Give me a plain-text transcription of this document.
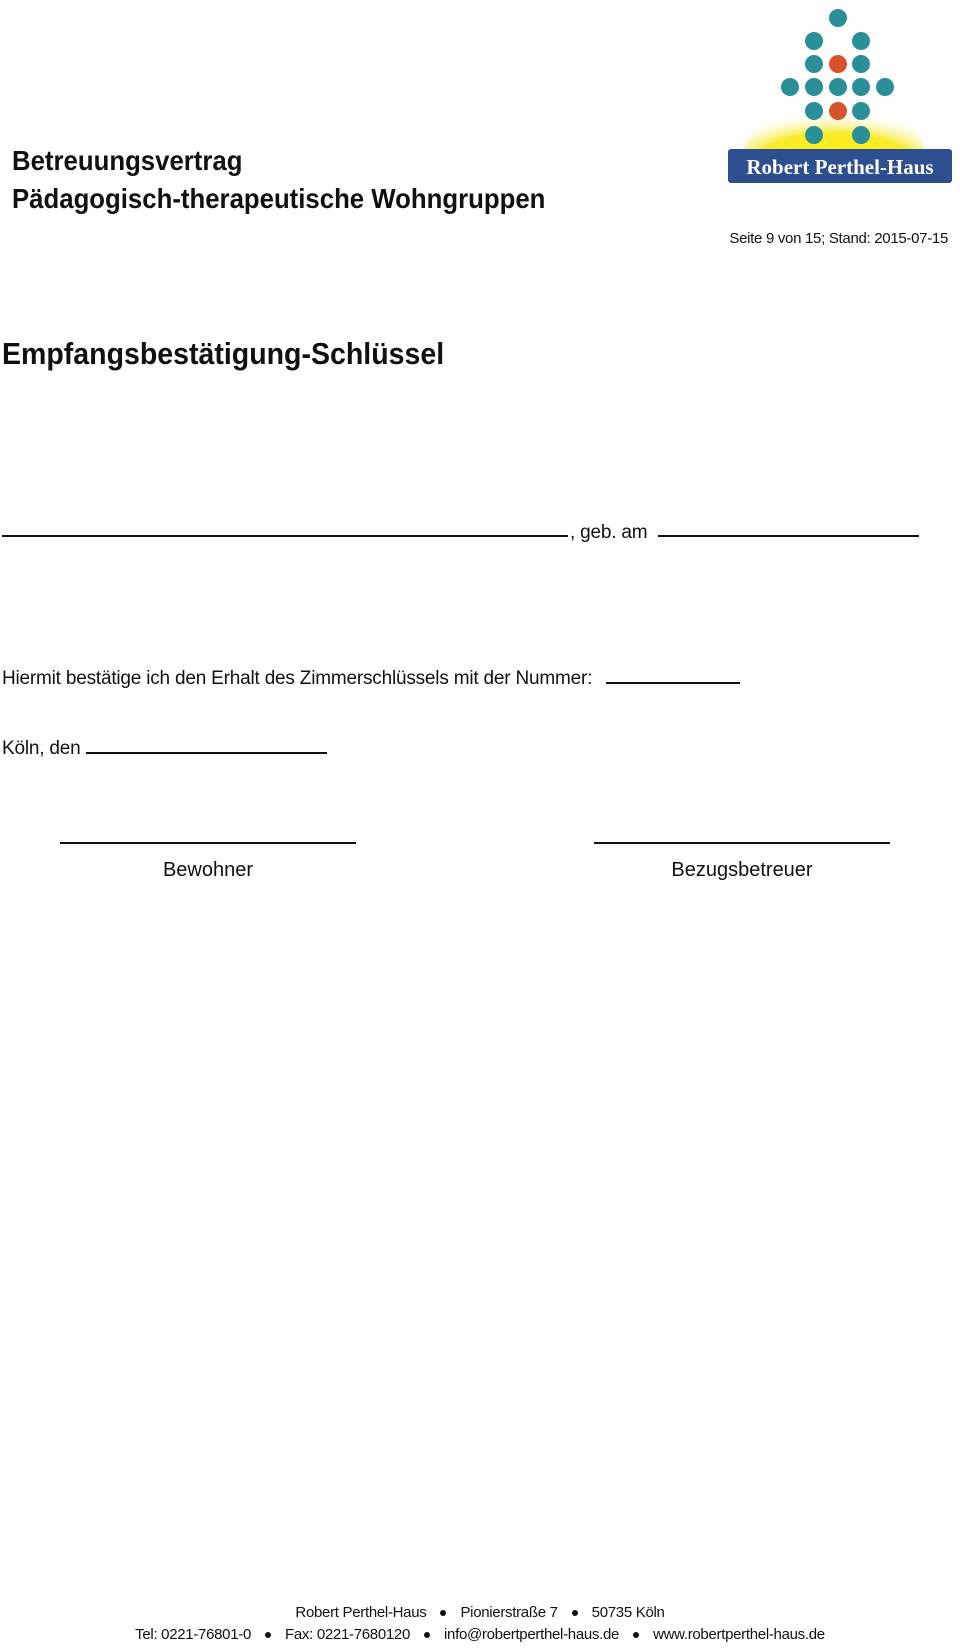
Betreuungsvertrag
Pädagogisch-therapeutische Wohngruppen
Robert Perthel-Haus
Seite 9 von 15; Stand: 2015-07-15
Empfangsbestätigung-Schlüssel
, geb. am
Hiermit bestätige ich den Erhalt des Zimmerschlüssels mit der Nummer:
Köln, den
Bewohner	Bezugsbetreuer
Robert Perthel-Haus Pionierstraße 7 50735 Köln
Tel: 0221-76801-0 Fax: 0221-7680120 info@robertperthel-haus.de www.robertperthel-haus.de
